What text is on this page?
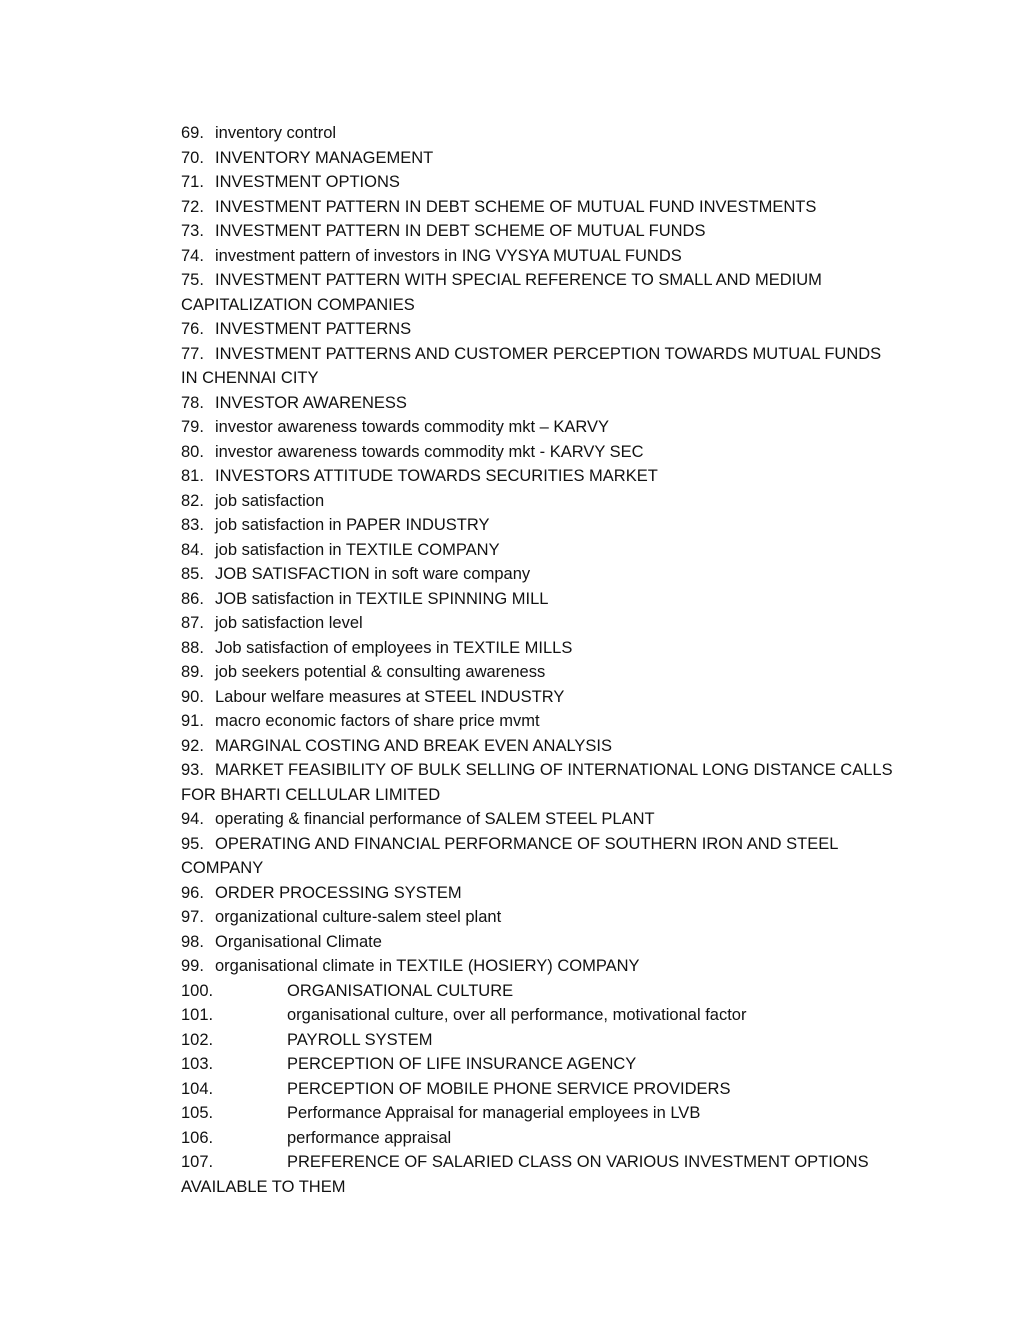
69. inventory control
70. INVENTORY MANAGEMENT
71. INVESTMENT OPTIONS
72. INVESTMENT PATTERN IN DEBT SCHEME OF MUTUAL FUND INVESTMENTS
73. INVESTMENT PATTERN IN DEBT SCHEME OF MUTUAL FUNDS
74. investment pattern of investors in ING VYSYA MUTUAL FUNDS
75. INVESTMENT PATTERN WITH SPECIAL REFERENCE TO SMALL AND MEDIUM
CAPITALIZATION COMPANIES
76. INVESTMENT PATTERNS
77. INVESTMENT PATTERNS AND CUSTOMER PERCEPTION TOWARDS MUTUAL FUNDS
IN CHENNAI CITY
78. INVESTOR AWARENESS
79. investor awareness towards commodity mkt – KARVY
80. investor awareness towards commodity mkt - KARVY SEC
81. INVESTORS ATTITUDE TOWARDS SECURITIES MARKET
82. job satisfaction
83. job satisfaction in PAPER INDUSTRY
84. job satisfaction in TEXTILE COMPANY
85. JOB SATISFACTION in soft ware company
86. JOB satisfaction in TEXTILE SPINNING MILL
87. job satisfaction level
88. Job satisfaction of employees in TEXTILE MILLS
89. job seekers potential & consulting awareness
90. Labour welfare measures at STEEL INDUSTRY
91. macro economic factors of share price mvmt
92. MARGINAL COSTING AND BREAK EVEN ANALYSIS
93. MARKET FEASIBILITY OF BULK SELLING OF INTERNATIONAL LONG DISTANCE CALLS
FOR BHARTI CELLULAR LIMITED
94. operating & financial performance of SALEM STEEL PLANT
95. OPERATING AND FINANCIAL PERFORMANCE OF SOUTHERN IRON AND STEEL
COMPANY
96. ORDER PROCESSING SYSTEM
97. organizational culture-salem steel plant
98. Organisational Climate
99. organisational climate in TEXTILE (HOSIERY) COMPANY
100.	ORGANISATIONAL CULTURE
101.	organisational culture, over all performance, motivational factor
102.	PAYROLL SYSTEM
103.	PERCEPTION OF LIFE INSURANCE AGENCY
104.	PERCEPTION OF MOBILE PHONE SERVICE PROVIDERS
105.	Performance Appraisal for managerial employees in LVB
106.	performance appraisal
107.	PREFERENCE OF SALARIED CLASS ON VARIOUS INVESTMENT OPTIONS
AVAILABLE TO THEM
